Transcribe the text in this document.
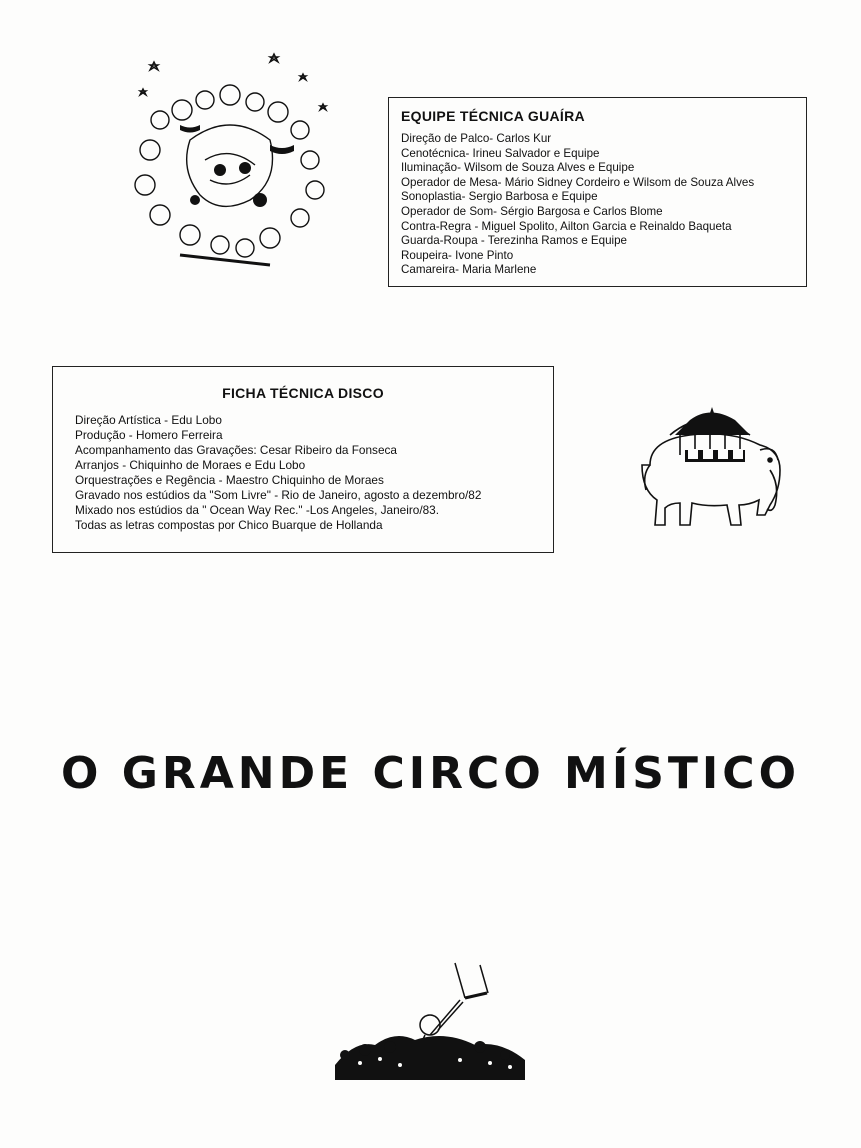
EQUIPE TÉCNICA GUAÍRA
Direção de Palco- Carlos Kur
Cenotécnica- Irineu Salvador e Equipe
Iluminação- Wilsom de Souza Alves e Equipe
Operador de Mesa- Mário Sidney Cordeiro e Wilsom de Souza Alves
Sonoplastia- Sergio Barbosa e Equipe
Operador de Som- Sérgio Bargosa e Carlos Blome
Contra-Regra - Miguel Spolito, Ailton Garcia e Reinaldo Baqueta
Guarda-Roupa - Terezinha Ramos e Equipe
Roupeira- Ivone Pinto
Camareira- Maria Marlene
FICHA TÉCNICA DISCO
Direção Artística - Edu Lobo
Produção - Homero Ferreira
Acompanhamento das Gravações: Cesar Ribeiro da Fonseca
Arranjos - Chiquinho de Moraes e Edu Lobo
Orquestrações e Regência - Maestro Chiquinho de Moraes
Gravado nos estúdios da "Som Livre" - Rio de Janeiro, agosto a dezembro/82
Mixado nos estúdios da " Ocean Way Rec." -Los Angeles, Janeiro/83.
Todas as letras compostas por Chico Buarque de Hollanda
O GRANDE CIRCO MÍSTICO
